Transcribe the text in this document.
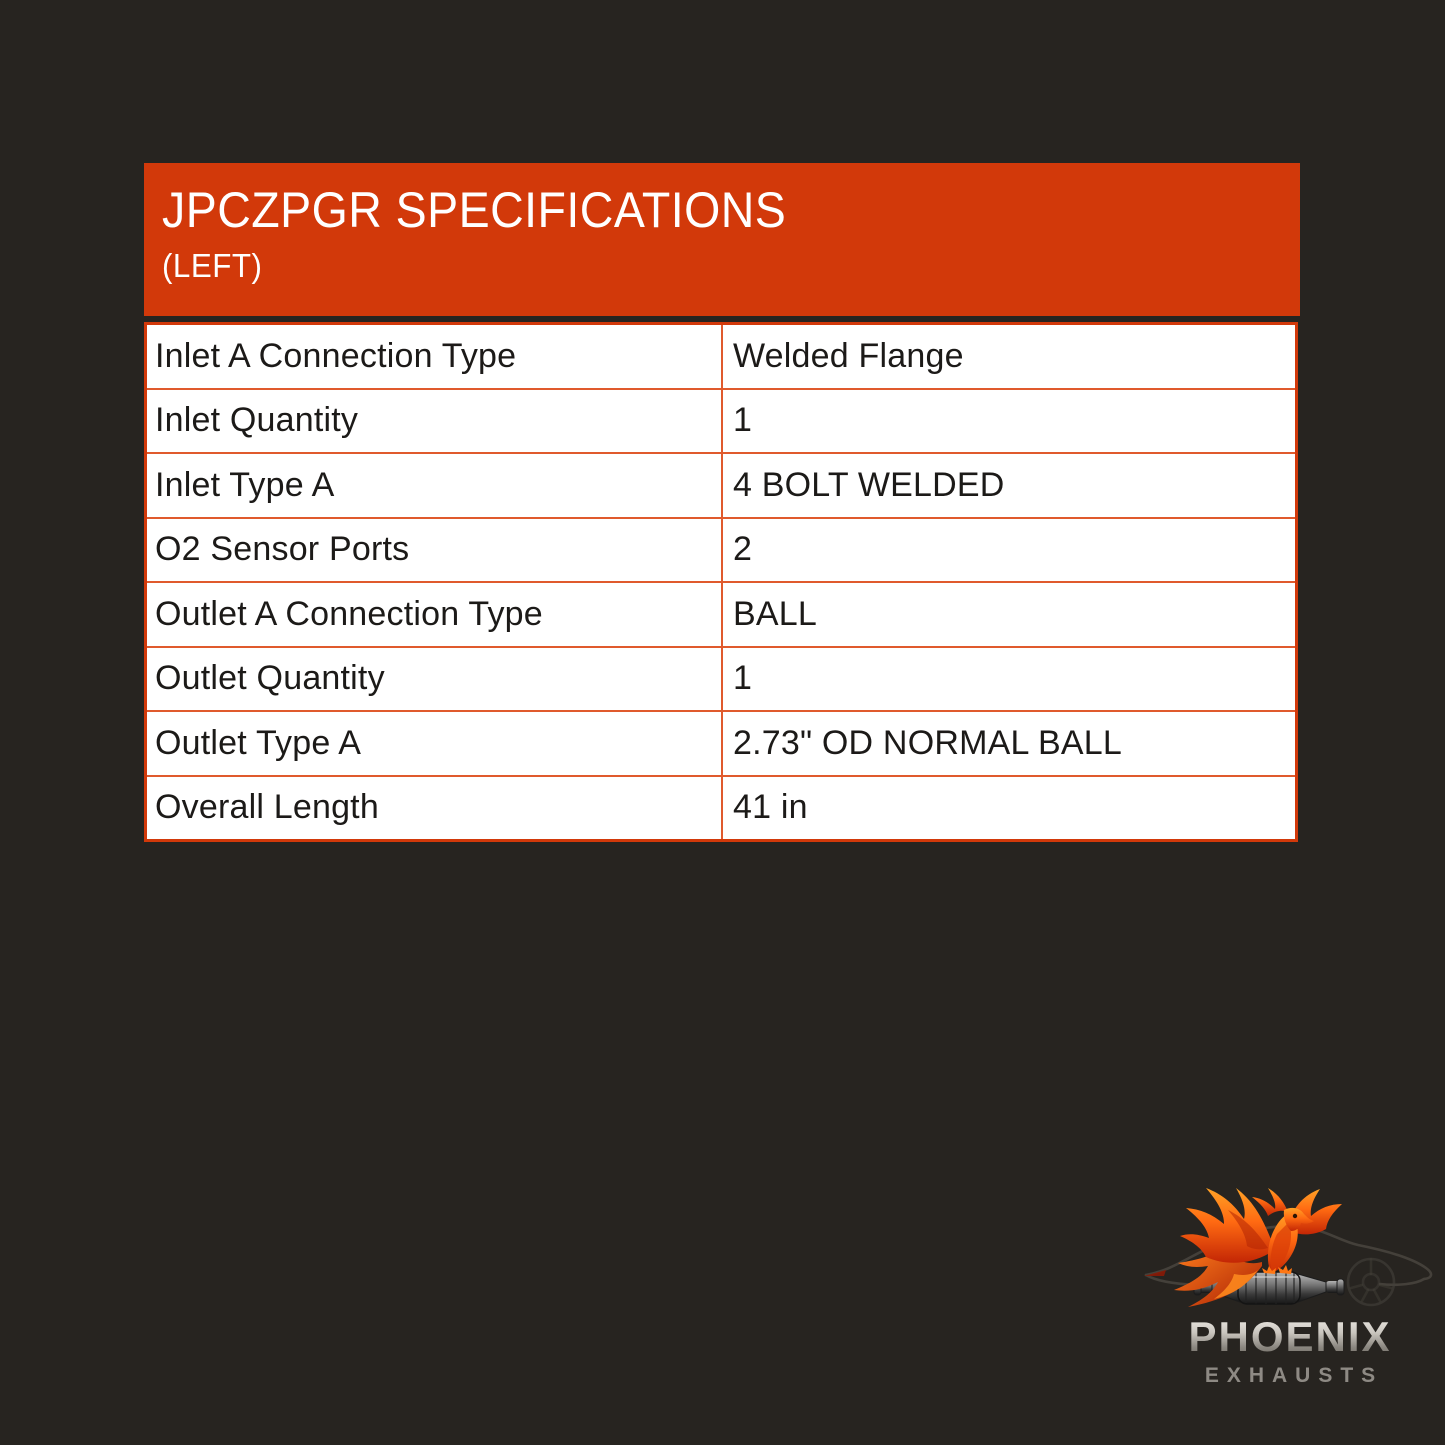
JPCZPGR SPECIFICATIONS
(LEFT)
Inlet A Connection Type	Welded Flange
Inlet Quantity	1
Inlet Type A	4 BOLT WELDED
O2 Sensor Ports	2
Outlet A Connection Type	BALL
Outlet Quantity	1
Outlet Type A	2.73" OD NORMAL BALL
Overall Length	41 in
PHOENIX
EXHAUSTS
